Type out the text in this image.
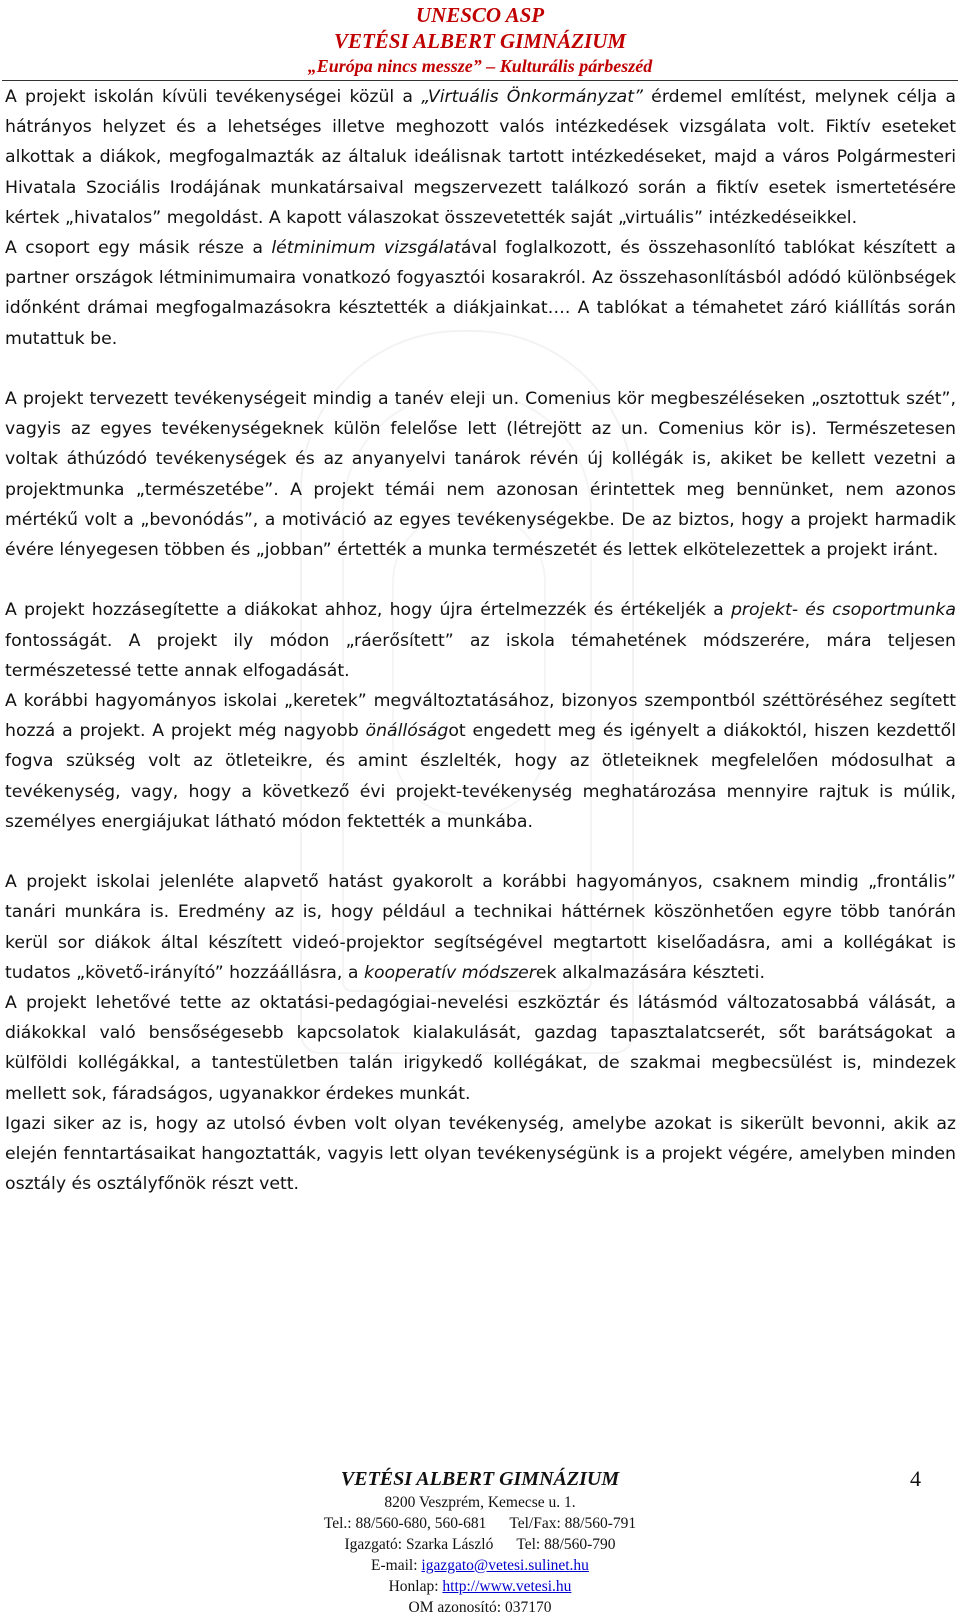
UNESCO ASP
VETÉSI ALBERT GIMNÁZIUM
„Európa nincs messze” – Kulturális párbeszéd

A projekt iskolán kívüli tevékenységei közül a „Virtuális Önkormányzat” érdemel említést, melynek célja a hátrányos helyzet és a lehetséges illetve meghozott valós intézkedések vizsgálata volt. Fiktív eseteket alkottak a diákok, megfogalmazták az általuk ideálisnak tartott intézkedéseket, majd a város Polgármesteri Hivatala Szociális Irodájának munkatársaival megszervezett találkozó során a fiktív esetek ismertetésére kértek „hivatalos” megoldást. A kapott válaszokat összevetették saját „virtuális” intézkedéseikkel.

A csoport egy másik része a létminimum vizsgálatával foglalkozott, és összehasonlító tablókat készített a partner országok létminimumaira vonatkozó fogyasztói kosarakról. Az összehasonlításból adódó különbségek időnként drámai megfogalmazásokra késztették a diákjainkat…. A tablókat a témahetet záró kiállítás során mutattuk be.

A projekt tervezett tevékenységeit mindig a tanév eleji un. Comenius kör megbeszéléseken „osztottuk szét”, vagyis az egyes tevékenységeknek külön felelőse lett (létrejött az un. Comenius kör is). Természetesen voltak áthúzódó tevékenységek és az anyanyelvi tanárok révén új kollégák is, akiket be kellett vezetni a projektmunka „természetébe”. A projekt témái nem azonosan érintettek meg bennünket, nem azonos mértékű volt a „bevonódás”, a motiváció az egyes tevékenységekbe. De az biztos, hogy a projekt harmadik évére lényegesen többen és „jobban” értették a munka természetét és lettek elkötelezettek a projekt iránt.

A projekt hozzásegítette a diákokat ahhoz, hogy újra értelmezzék és értékeljék a projekt- és csoportmunka fontosságát. A projekt ily módon „ráerősített” az iskola témahetének módszerére, mára teljesen természetessé tette annak elfogadását.

A korábbi hagyományos iskolai „keretek” megváltoztatásához, bizonyos szempontból széttöréséhez segített hozzá a projekt. A projekt még nagyobb önállóságot engedett meg és igényelt a diákoktól, hiszen kezdettől fogva szükség volt az ötleteikre, és amint észlelték, hogy az ötleteiknek megfelelően módosulhat a tevékenység, vagy, hogy a következő évi projekt-tevékenység meghatározása mennyire rajtuk is múlik, személyes energiájukat látható módon fektették a munkába.

A projekt iskolai jelenléte alapvető hatást gyakorolt a korábbi hagyományos, csaknem mindig „frontális” tanári munkára is. Eredmény az is, hogy például a technikai háttérnek köszönhetően egyre több tanórán kerül sor diákok által készített videó-projektor segítségével megtartott kiselőadásra, ami a kollégákat is tudatos „követő-irányító” hozzáállásra, a kooperatív módszerek alkalmazására készteti.

A projekt lehetővé tette az oktatási-pedagógiai-nevelési eszköztár és látásmód változatosabbá válását, a diákokkal való bensőségesebb kapcsolatok kialakulását, gazdag tapasztalatcserét, sőt barátságokat a külföldi kollégákkal, a tantestületben talán irigykedő kollégákat, de szakmai megbecsülést is, mindezek mellett sok, fáradságos, ugyanakkor érdekes munkát.

Igazi siker az is, hogy az utolsó évben volt olyan tevékenység, amelybe azokat is sikerült bevonni, akik az elején fenntartásaikat hangoztatták, vagyis lett olyan tevékenységünk is a projekt végére, amelyben minden osztály és osztályfőnök részt vett.

VETÉSI ALBERT GIMNÁZIUM
8200 Veszprém, Kemecse u. 1.
Tel.: 88/560-680, 560-681      Tel/Fax: 88/560-791
Igazgató: Szarka László      Tel: 88/560-790
E-mail: igazgato@vetesi.sulinet.hu
Honlap: http://www.vetesi.hu
OM azonosító: 037170
4
